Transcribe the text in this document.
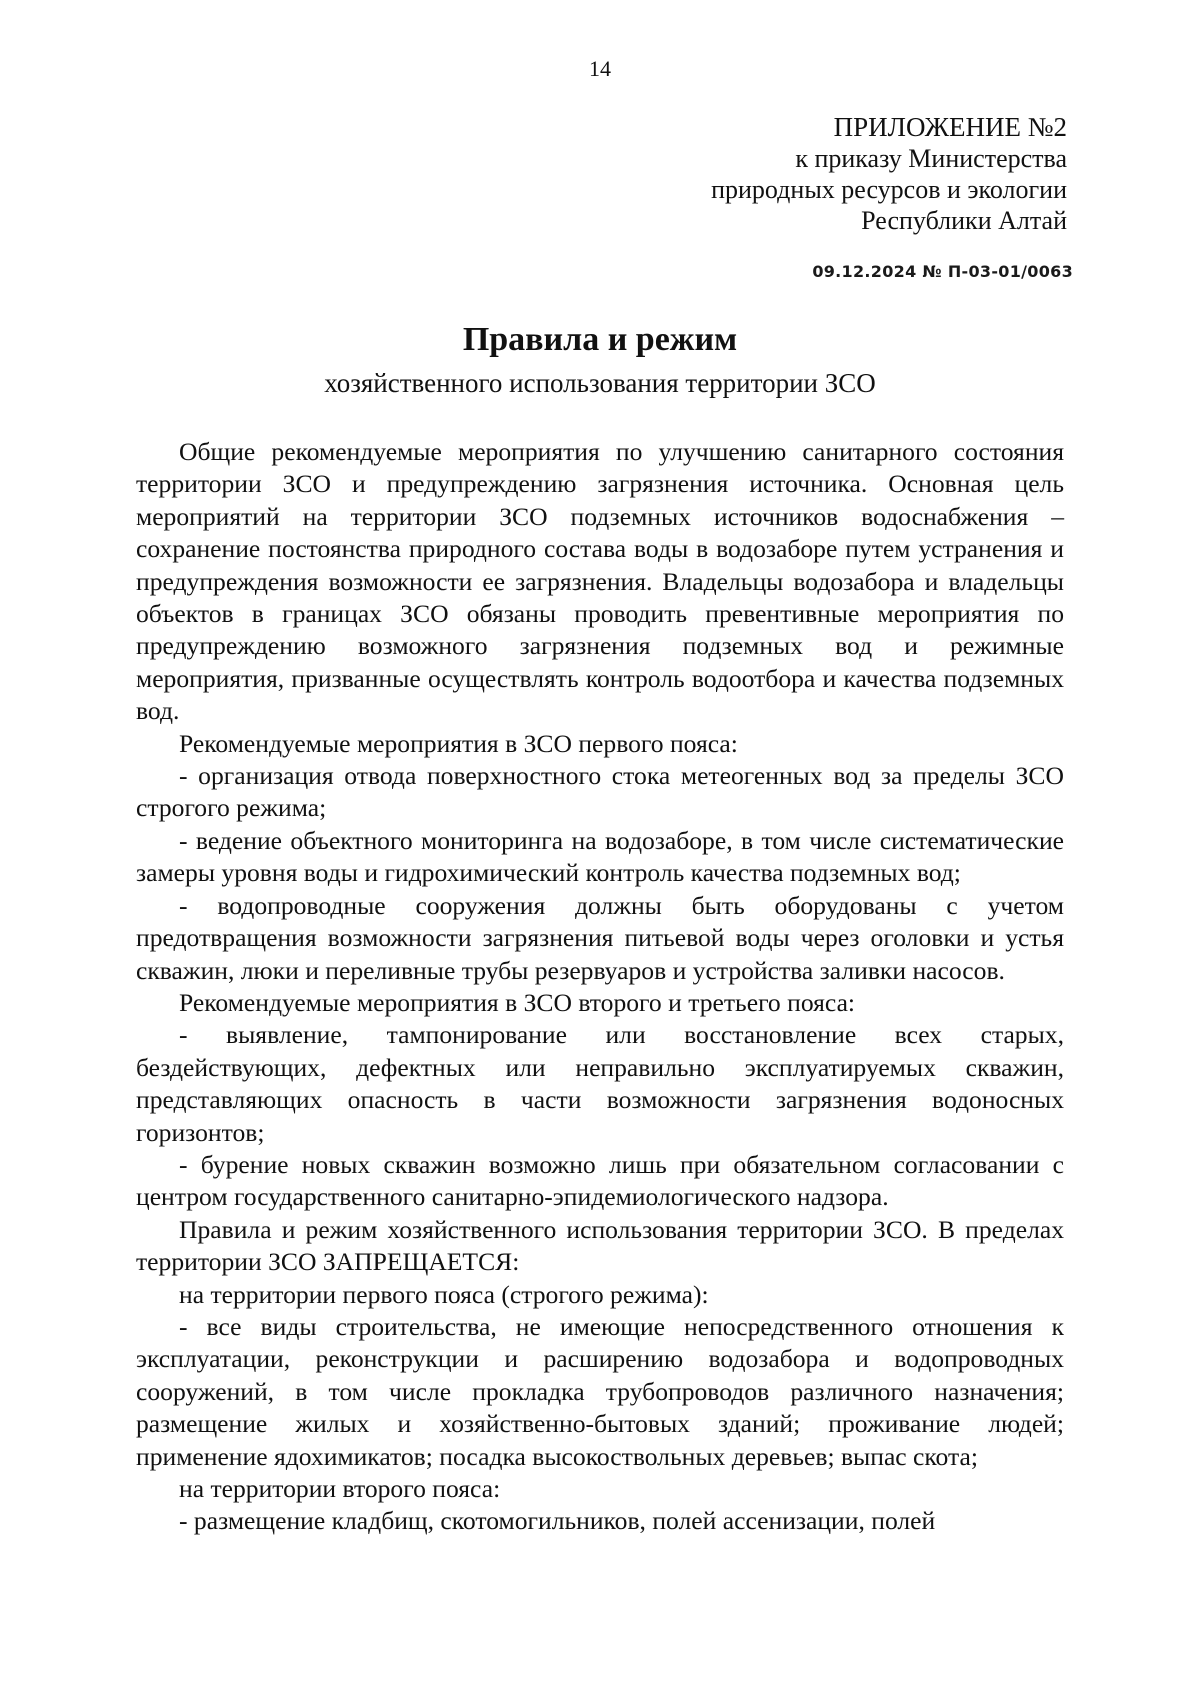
14
ПРИЛОЖЕНИЕ №2
к приказу Министерства
природных ресурсов и экологии
Республики Алтай
09.12.2024 № П-03-01/0063
Правила и режим
хозяйственного использования территории ЗСО

Общие рекомендуемые мероприятия по улучшению санитарного состояния территории ЗСО и предупреждению загрязнения источника. Основная цель мероприятий на территории ЗСО подземных источников водоснабжения – сохранение постоянства природного состава воды в водозаборе путем устранения и предупреждения возможности ее загрязнения. Владельцы водозабора и владельцы объектов в границах ЗСО обязаны проводить превентивные мероприятия по предупреждению возможного загрязнения подземных вод и режимные мероприятия, призванные осуществлять контроль водоотбора и качества подземных вод.

Рекомендуемые мероприятия в ЗСО первого пояса:

- организация отвода поверхностного стока метеогенных вод за пределы ЗСО строгого режима;

- ведение объектного мониторинга на водозаборе, в том числе систематические замеры уровня воды и гидрохимический контроль качества подземных вод;

- водопроводные сооружения должны быть оборудованы с учетом предотвращения возможности загрязнения питьевой воды через оголовки и устья скважин, люки и переливные трубы резервуаров и устройства заливки насосов.

Рекомендуемые мероприятия в ЗСО второго и третьего пояса:

- выявление, тампонирование или восстановление всех старых, бездействующих, дефектных или неправильно эксплуатируемых скважин, представляющих опасность в части возможности загрязнения водоносных горизонтов;

- бурение новых скважин возможно лишь при обязательном согласовании с центром государственного санитарно-эпидемиологического надзора.

Правила и режим хозяйственного использования территории ЗСО. В пределах территории ЗСО ЗАПРЕЩАЕТСЯ:

на территории первого пояса (строгого режима):

- все виды строительства, не имеющие непосредственного отношения к эксплуатации, реконструкции и расширению водозабора и водопроводных сооружений, в том числе прокладка трубопроводов различного назначения; размещение жилых и хозяйственно-бытовых зданий; проживание людей; применение ядохимикатов; посадка высокоствольных деревьев; выпас скота;

на территории второго пояса:

- размещение кладбищ, скотомогильников, полей ассенизации, полей
